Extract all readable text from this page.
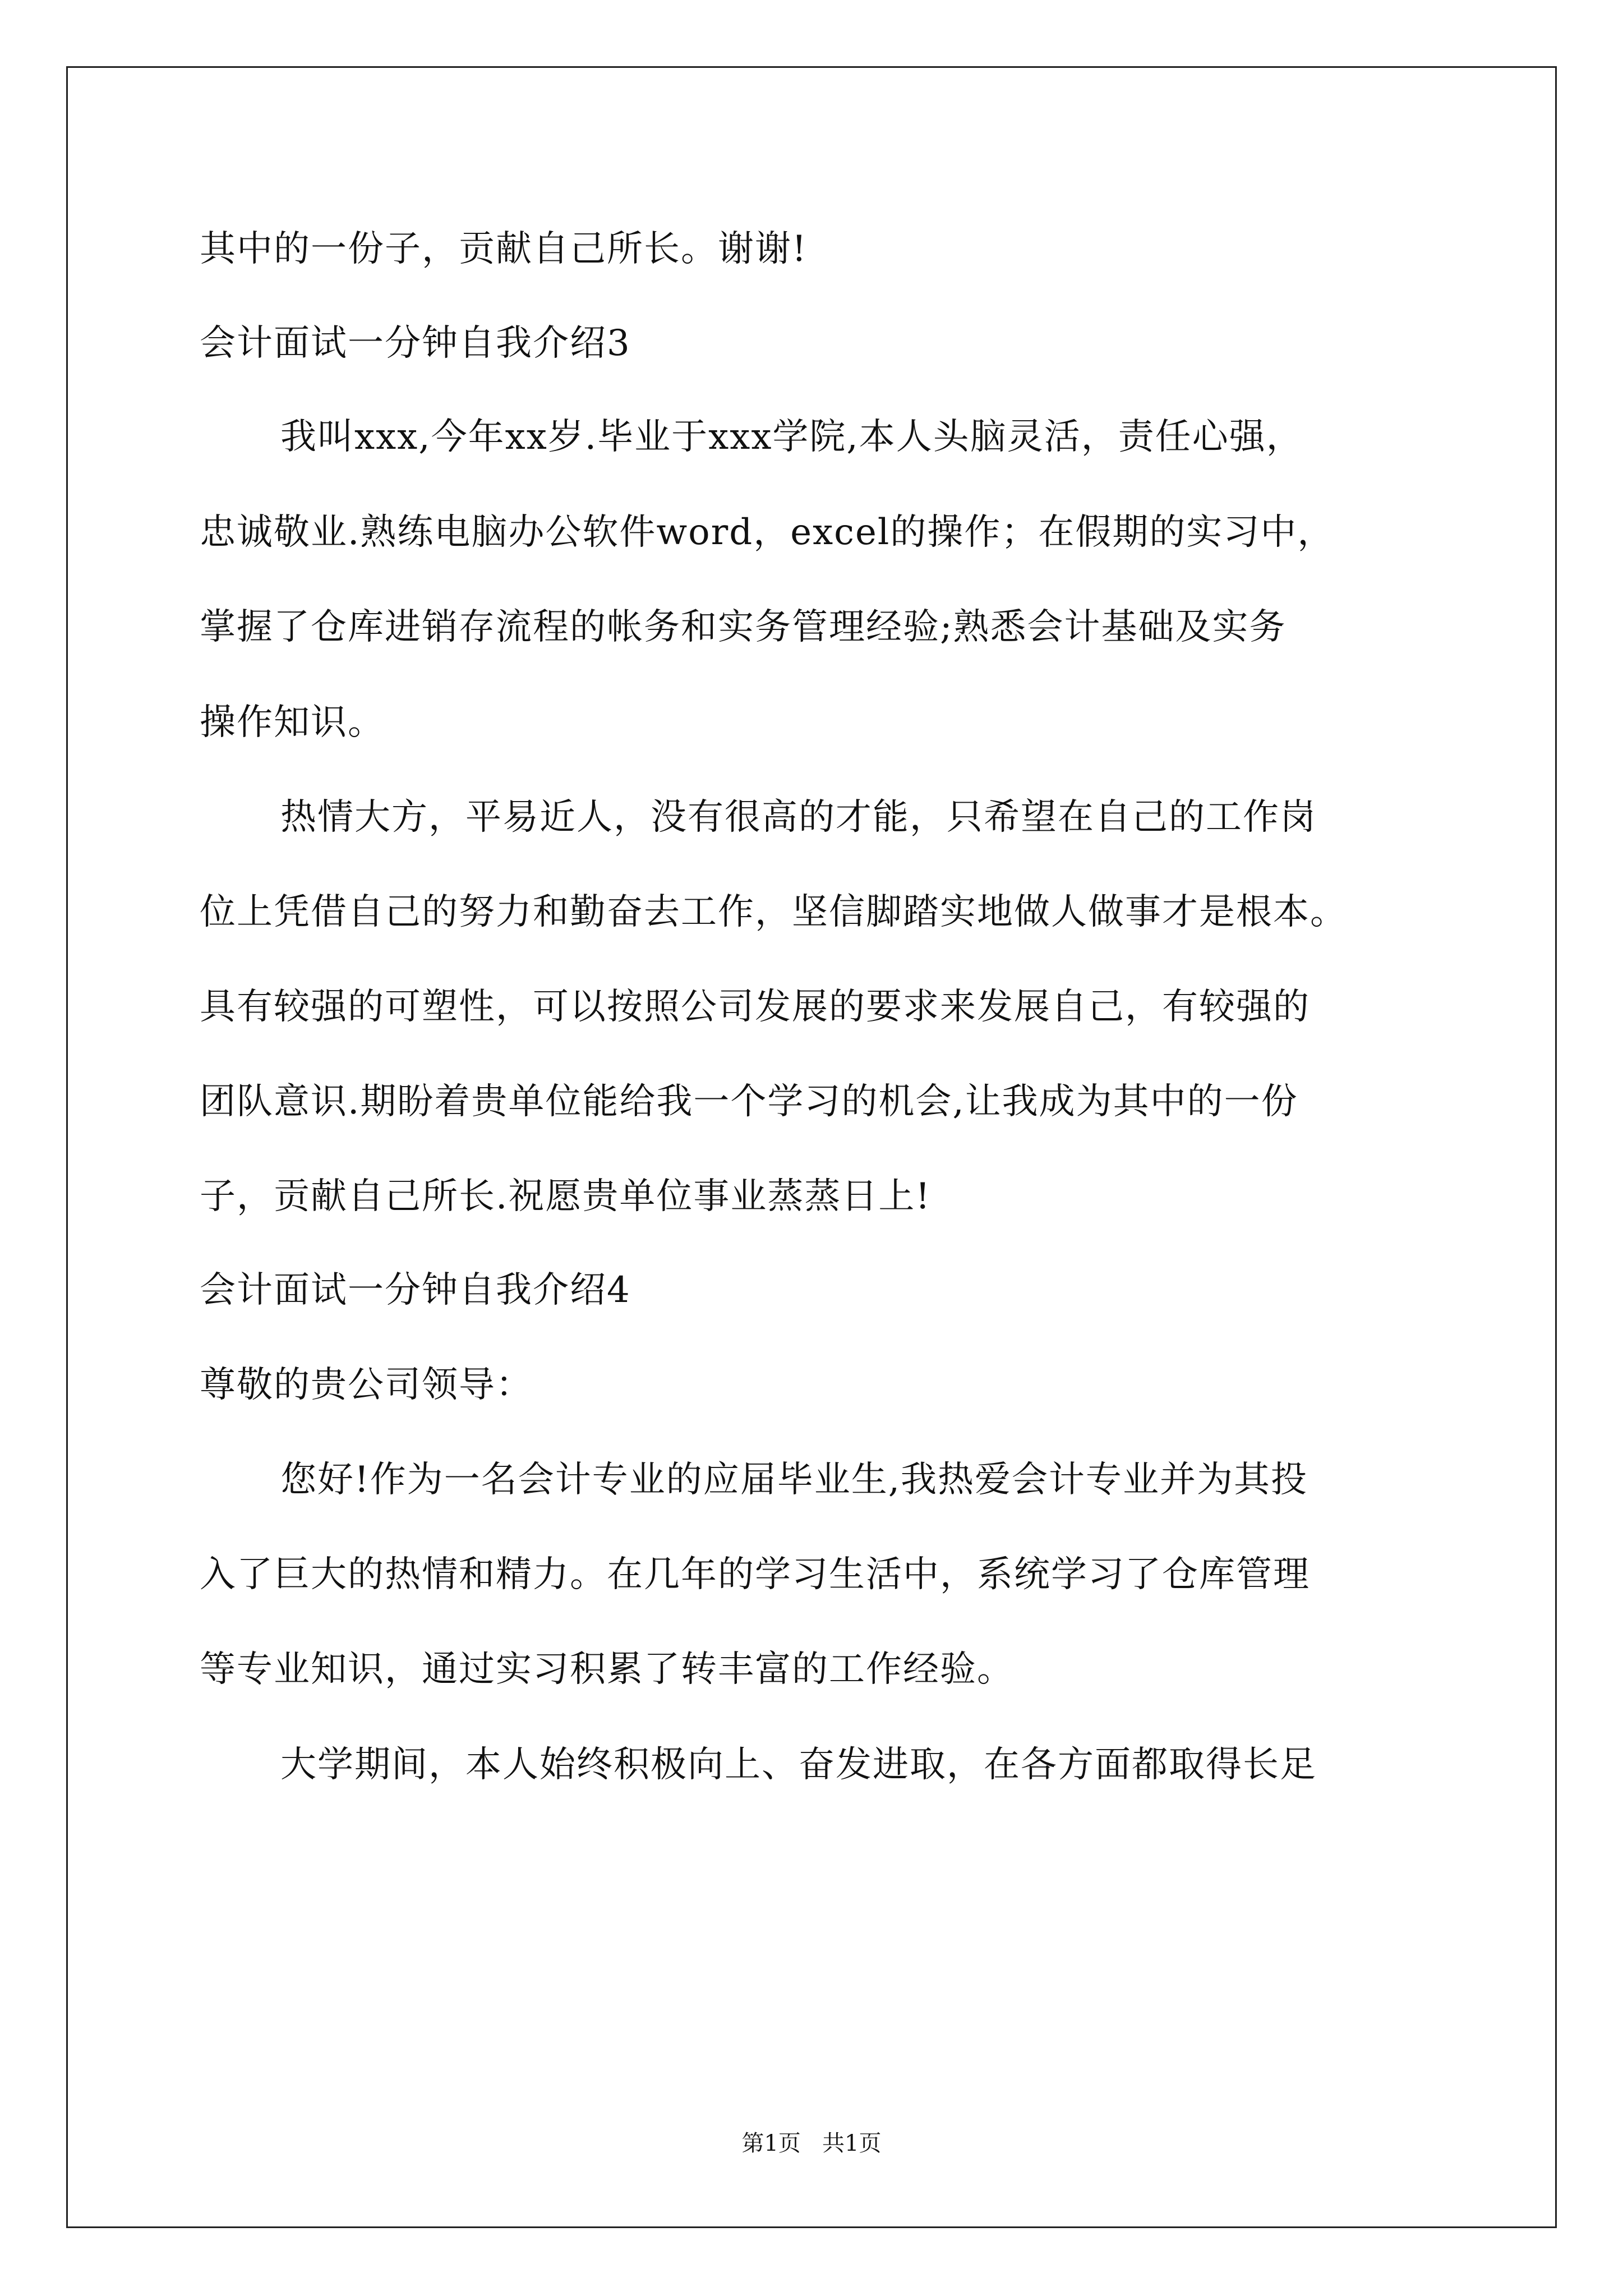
其中的一份子，贡献自己所长。谢谢!
会计面试一分钟自我介绍3
我叫xxx,今年xx岁.毕业于xxx学院,本人头脑灵活，责任心强，
忠诚敬业.熟练电脑办公软件word，excel的操作；在假期的实习中，
掌握了仓库进销存流程的帐务和实务管理经验;熟悉会计基础及实务
操作知识。
热情大方，平易近人，没有很高的才能，只希望在自己的工作岗
位上凭借自己的努力和勤奋去工作，坚信脚踏实地做人做事才是根本。
具有较强的可塑性，可以按照公司发展的要求来发展自己，有较强的
团队意识.期盼着贵单位能给我一个学习的机会,让我成为其中的一份
子，贡献自己所长.祝愿贵单位事业蒸蒸日上!
会计面试一分钟自我介绍4
尊敬的贵公司领导：
您好!作为一名会计专业的应届毕业生,我热爱会计专业并为其投
入了巨大的热情和精力。在几年的学习生活中，系统学习了仓库管理
等专业知识，通过实习积累了转丰富的工作经验。
大学期间，本人始终积极向上、奋发进取，在各方面都取得长足
第1页   共1页
